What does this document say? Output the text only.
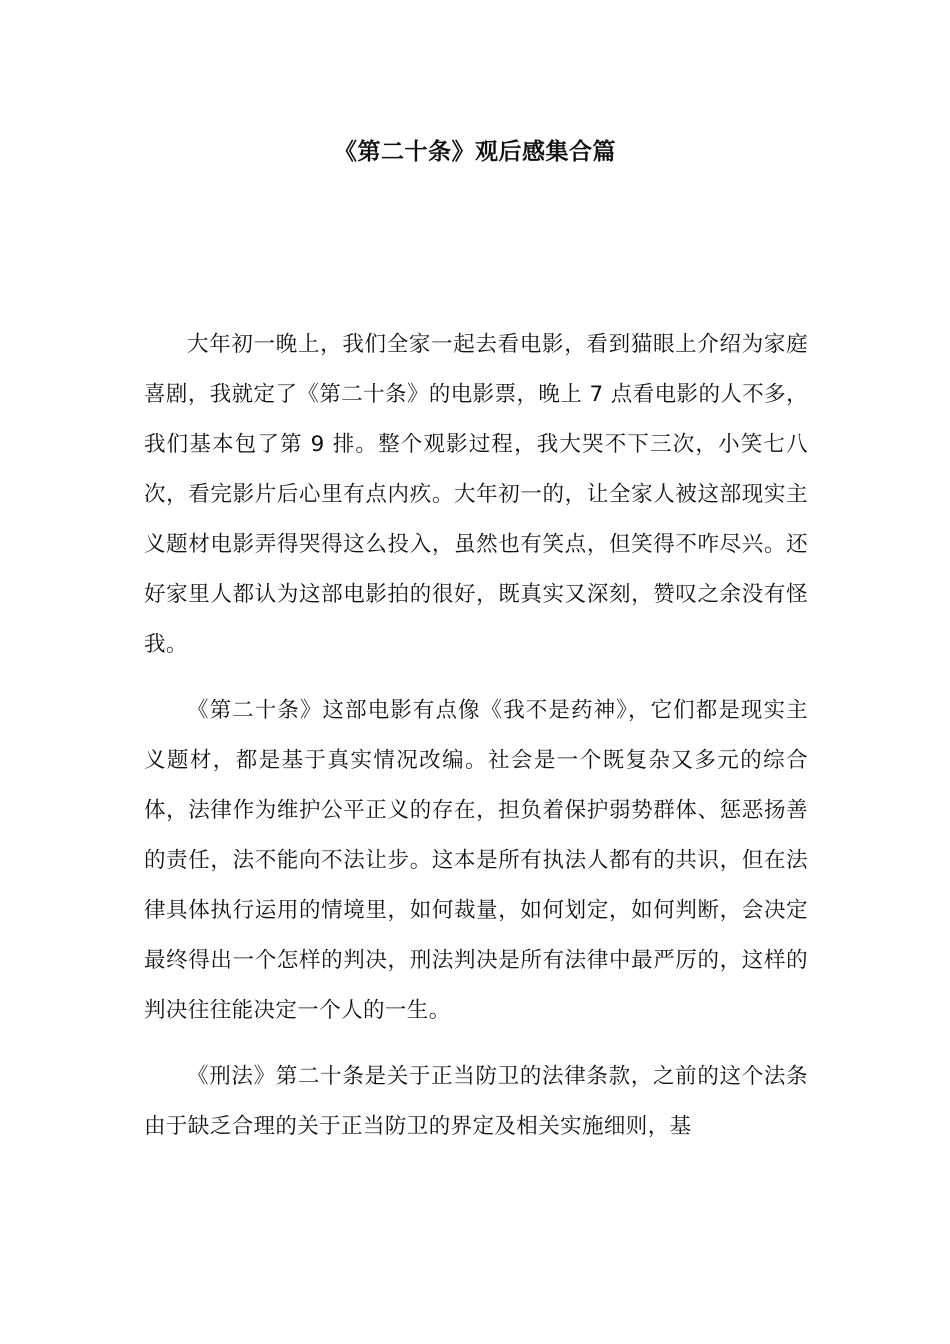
《第二十条》观后感集合篇

大年初一晚上，我们全家一起去看电影，看到猫眼上介绍为家庭喜剧，我就定了《第二十条》的电影票，晚上 7 点看电影的人不多，我们基本包了第 9 排。整个观影过程，我大哭不下三次，小笑七八次，看完影片后心里有点内疚。大年初一的，让全家人被这部现实主义题材电影弄得哭得这么投入，虽然也有笑点，但笑得不咋尽兴。还好家里人都认为这部电影拍的很好，既真实又深刻，赞叹之余没有怪我。

《第二十条》这部电影有点像《我不是药神》，它们都是现实主义题材，都是基于真实情况改编。社会是一个既复杂又多元的综合体，法律作为维护公平正义的存在，担负着保护弱势群体、惩恶扬善的责任，法不能向不法让步。这本是所有执法人都有的共识，但在法律具体执行运用的情境里，如何裁量，如何划定，如何判断，会决定最终得出一个怎样的判决，刑法判决是所有法律中最严厉的，这样的判决往往能决定一个人的一生。

《刑法》第二十条是关于正当防卫的法律条款，之前的这个法条由于缺乏合理的关于正当防卫的界定及相关实施细则，基
